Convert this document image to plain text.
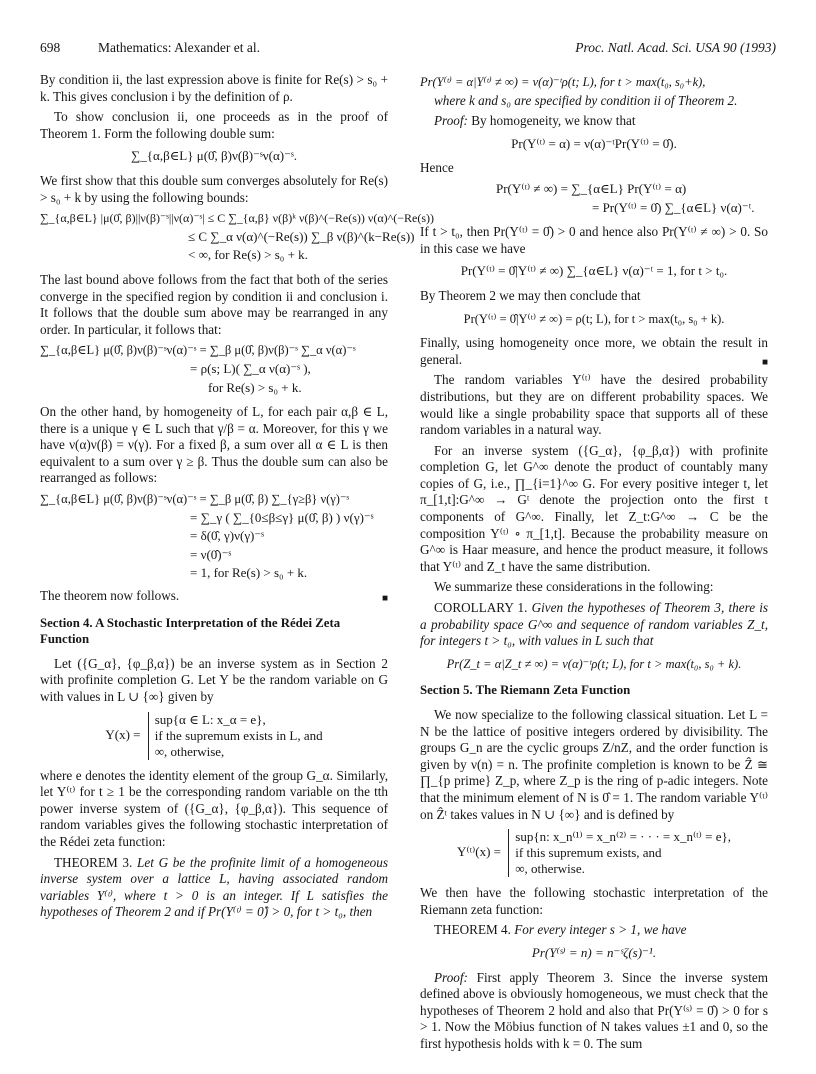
698	Mathematics: Alexander et al.	Proc. Natl. Acad. Sci. USA 90 (1993)

By condition ii, the last expression above is finite for Re(s) > s₀ + k. This gives conclusion i by the definition of ρ.

To show conclusion ii, one proceeds as in the proof of Theorem 1. Form the following double sum:

∑_{α,β∈L} μ(0̂, β)ν(β)⁻ˢν(α)⁻ˢ.

We first show that this double sum converges absolutely for Re(s) > s₀ + k by using the following bounds:

∑_{α,β∈L} |μ(0̂, β)||ν(β)⁻ˢ||ν(α)⁻ˢ| ≤ C ∑_{α,β} ν(β)ᵏ ν(β)^(−Re(s)) ν(α)^(−Re(s))
≤ C ∑_α ν(α)^(−Re(s)) ∑_β ν(β)^(k−Re(s))
< ∞, for Re(s) > s₀ + k.

The last bound above follows from the fact that both of the series converge in the specified region by condition ii and conclusion i. It follows that the double sum above may be rearranged in any order. In particular, it follows that:

∑_{α,β∈L} μ(0̂, β)ν(β)⁻ˢν(α)⁻ˢ = ∑_β μ(0̂, β)ν(β)⁻ˢ ∑_α ν(α)⁻ˢ
= ρ(s; L)( ∑_α ν(α)⁻ˢ ),
for Re(s) > s₀ + k.

On the other hand, by homogeneity of L, for each pair α,β ∈ L, there is a unique γ ∈ L such that γ/β = α. Moreover, for this γ we have ν(α)ν(β) = ν(γ). For a fixed β, a sum over all α ∈ L is then equivalent to a sum over γ ≥ β. Thus the double sum can also be rearranged as follows:

∑_{α,β∈L} μ(0̂, β)ν(β)⁻ˢν(α)⁻ˢ = ∑_β μ(0̂, β) ∑_{γ≥β} ν(γ)⁻ˢ
= ∑_γ ( ∑_{0≤β≤γ} μ(0̂, β) ) ν(γ)⁻ˢ
= δ(0̂, γ)ν(γ)⁻ˢ
= ν(0̂)⁻ˢ
= 1, for Re(s) > s₀ + k.

The theorem now follows.	■

Section 4. A Stochastic Interpretation of the Rédei Zeta Function

Let ({G_α}, {φ_β,α}) be an inverse system as in Section 2 with profinite completion G. Let Y be the random variable on G with values in L ∪ {∞} given by

Y(x) = sup{α ∈ L: x_α = e},
if the supremum exists in L, and
∞, otherwise,

where e denotes the identity element of the group G_α. Similarly, let Y⁽ᵗ⁾ for t ≥ 1 be the corresponding random variable on the tth power inverse system of ({G_α}, {φ_β,α}). This sequence of random variables gives the following stochastic interpretation of the Rédei zeta function:

THEOREM 3. Let G be the profinite limit of a homogeneous inverse system over a lattice L, having associated random variables Y⁽ᵗ⁾, where t > 0 is an integer. If L satisfies the hypotheses of Theorem 2 and if Pr(Y⁽ᵗ⁾ = 0̂) > 0, for t > t₀, then

Pr(Y⁽ᵗ⁾ = α|Y⁽ᵗ⁾ ≠ ∞) = ν(α)⁻ᵗρ(t; L), for t > max(t₀, s₀+k),

where k and s₀ are specified by condition ii of Theorem 2.

Proof: By homogeneity, we know that

Pr(Y⁽ᵗ⁾ = α) = ν(α)⁻ᵗPr(Y⁽ᵗ⁾ = 0̂).

Hence

Pr(Y⁽ᵗ⁾ ≠ ∞) = ∑_{α∈L} Pr(Y⁽ᵗ⁾ = α)
= Pr(Y⁽ᵗ⁾ = 0̂) ∑_{α∈L} ν(α)⁻ᵗ.

If t > t₀, then Pr(Y⁽ᵗ⁾ = 0̂) > 0 and hence also Pr(Y⁽ᵗ⁾ ≠ ∞) > 0. So in this case we have

Pr(Y⁽ᵗ⁾ = 0̂|Y⁽ᵗ⁾ ≠ ∞) ∑_{α∈L} ν(α)⁻ᵗ = 1, for t > t₀.

By Theorem 2 we may then conclude that

Pr(Y⁽ᵗ⁾ = 0̂|Y⁽ᵗ⁾ ≠ ∞) = ρ(t; L), for t > max(t₀, s₀ + k).

Finally, using homogeneity once more, we obtain the result in general.	■

The random variables Y⁽ᵗ⁾ have the desired probability distributions, but they are on different probability spaces. We would like a single probability space that supports all of these random variables in a natural way.

For an inverse system ({G_α}, {φ_β,α}) with profinite completion G, let G^∞ denote the product of countably many copies of G, i.e., ∏_{i=1}^∞ G. For every positive integer t, let π_[1,t]:G^∞ → Gᵗ denote the projection onto the first t components of G^∞. Finally, let Z_t:G^∞ → C be the composition Y⁽ᵗ⁾ ∘ π_[1,t]. Because the probability measure on G^∞ is Haar measure, and hence the product measure, it follows that Y⁽ᵗ⁾ and Z_t have the same distribution.

We summarize these considerations in the following:

COROLLARY 1. Given the hypotheses of Theorem 3, there is a probability space G^∞ and sequence of random variables Z_t, for integers t > t₀, with values in L such that

Pr(Z_t = α|Z_t ≠ ∞) = ν(α)⁻ᵗρ(t; L), for t > max(t₀, s₀ + k).
Section 5. The Riemann Zeta Function

We now specialize to the following classical situation. Let L = N be the lattice of positive integers ordered by divisibility. The groups G_n are the cyclic groups Z/nZ, and the order function is given by ν(n) = n. The profinite completion is known to be Ẑ ≅ ∏_{p prime} Z_p, where Z_p is the ring of p-adic integers. Note that the minimum element of N is 0̂ = 1. The random variable Y⁽ᵗ⁾ on Ẑᵗ takes values in N ∪ {∞} and is defined by

Y⁽ᵗ⁾(x) = sup{n: x_n⁽¹⁾ = x_n⁽²⁾ = · · · = x_n⁽ᵗ⁾ = e},
if this supremum exists, and
∞, otherwise.

We then have the following stochastic interpretation of the Riemann zeta function:

THEOREM 4. For every integer s > 1, we have

Pr(Y⁽ˢ⁾ = n) = n⁻ˢζ(s)⁻¹.

Proof: First apply Theorem 3. Since the inverse system defined above is obviously homogeneous, we must check that the hypotheses of Theorem 2 hold and also that Pr(Y⁽ˢ⁾ = 0̂) > 0 for s > 1. Now the Möbius function of N takes values ±1 and 0, so the first hypothesis holds with k = 0. The sum
